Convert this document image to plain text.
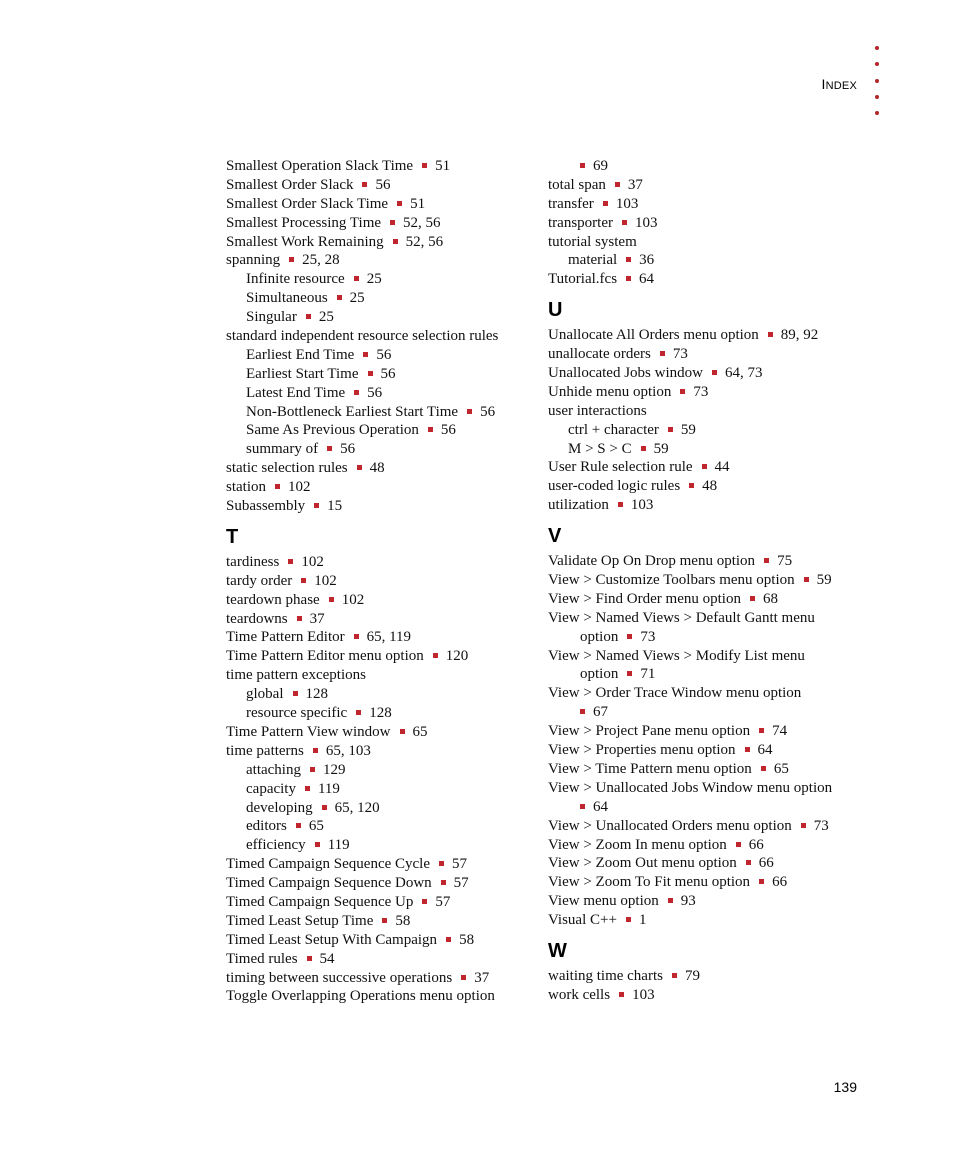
INDEX
Smallest Operation Slack Time 51
Smallest Order Slack 56
Smallest Order Slack Time 51
Smallest Processing Time 52, 56
Smallest Work Remaining 52, 56
spanning 25, 28
Infinite resource 25
Simultaneous 25
Singular 25
standard independent resource selection rules
Earliest End Time 56
Earliest Start Time 56
Latest End Time 56
Non-Bottleneck Earliest Start Time 56
Same As Previous Operation 56
summary of 56
static selection rules 48
station 102
Subassembly 15
T
tardiness 102
tardy order 102
teardown phase 102
teardowns 37
Time Pattern Editor 65, 119
Time Pattern Editor menu option 120
time pattern exceptions
global 128
resource specific 128
Time Pattern View window 65
time patterns 65, 103
attaching 129
capacity 119
developing 65, 120
editors 65
efficiency 119
Timed Campaign Sequence Cycle 57
Timed Campaign Sequence Down 57
Timed Campaign Sequence Up 57
Timed Least Setup Time 58
Timed Least Setup With Campaign 58
Timed rules 54
timing between successive operations 37
Toggle Overlapping Operations menu option
69
total span 37
transfer 103
transporter 103
tutorial system
material 36
Tutorial.fcs 64
U
Unallocate All Orders menu option 89, 92
unallocate orders 73
Unallocated Jobs window 64, 73
Unhide menu option 73
user interactions
ctrl + character 59
M > S > C 59
User Rule selection rule 44
user-coded logic rules 48
utilization 103
V
Validate Op On Drop menu option 75
View > Customize Toolbars menu option 59
View > Find Order menu option 68
View > Named Views > Default Gantt menu
option 73
View > Named Views > Modify List menu
option 71
View > Order Trace Window menu option
67
View > Project Pane menu option 74
View > Properties menu option 64
View > Time Pattern menu option 65
View > Unallocated Jobs Window menu option
64
View > Unallocated Orders menu option 73
View > Zoom In menu option 66
View > Zoom Out menu option 66
View > Zoom To Fit menu option 66
View menu option 93
Visual C++ 1
W
waiting time charts 79
work cells 103
139
